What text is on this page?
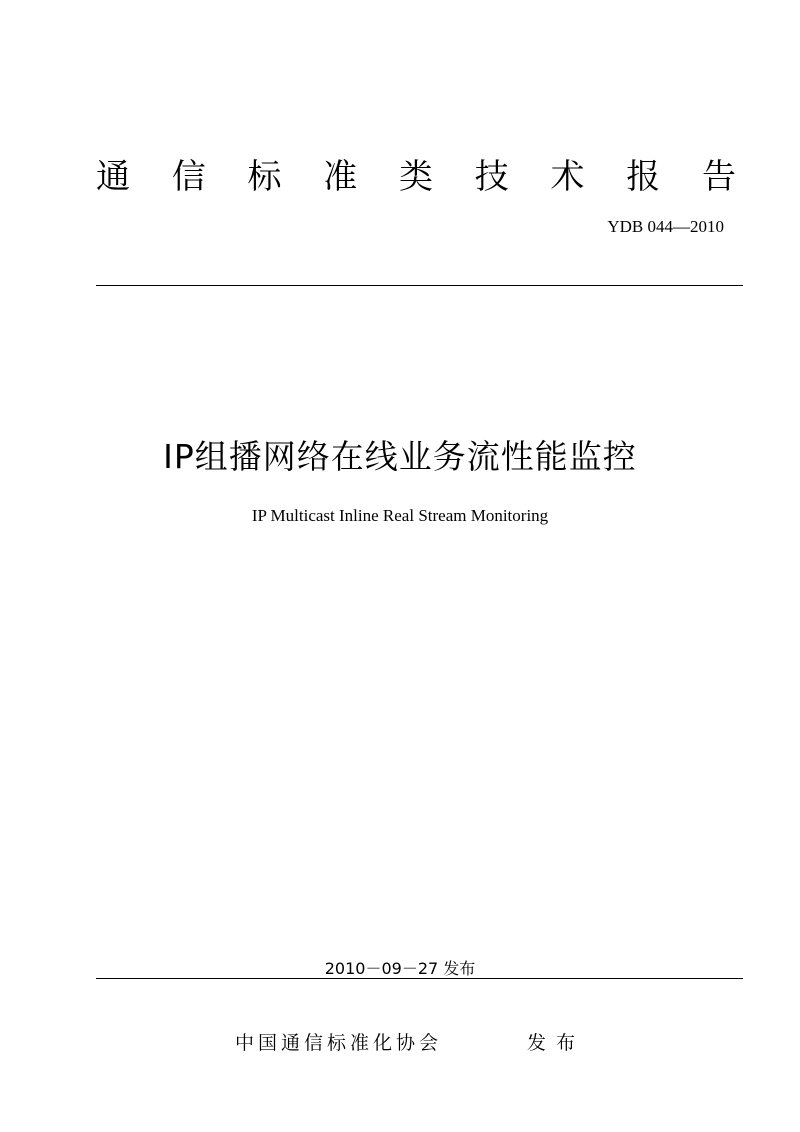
通 信 标 准 类 技 术 报 告
YDB 044—2010
IP组播网络在线业务流性能监控
IP Multicast Inline Real Stream Monitoring
2010－09－27 发布
中国通信标准化协会	发布
